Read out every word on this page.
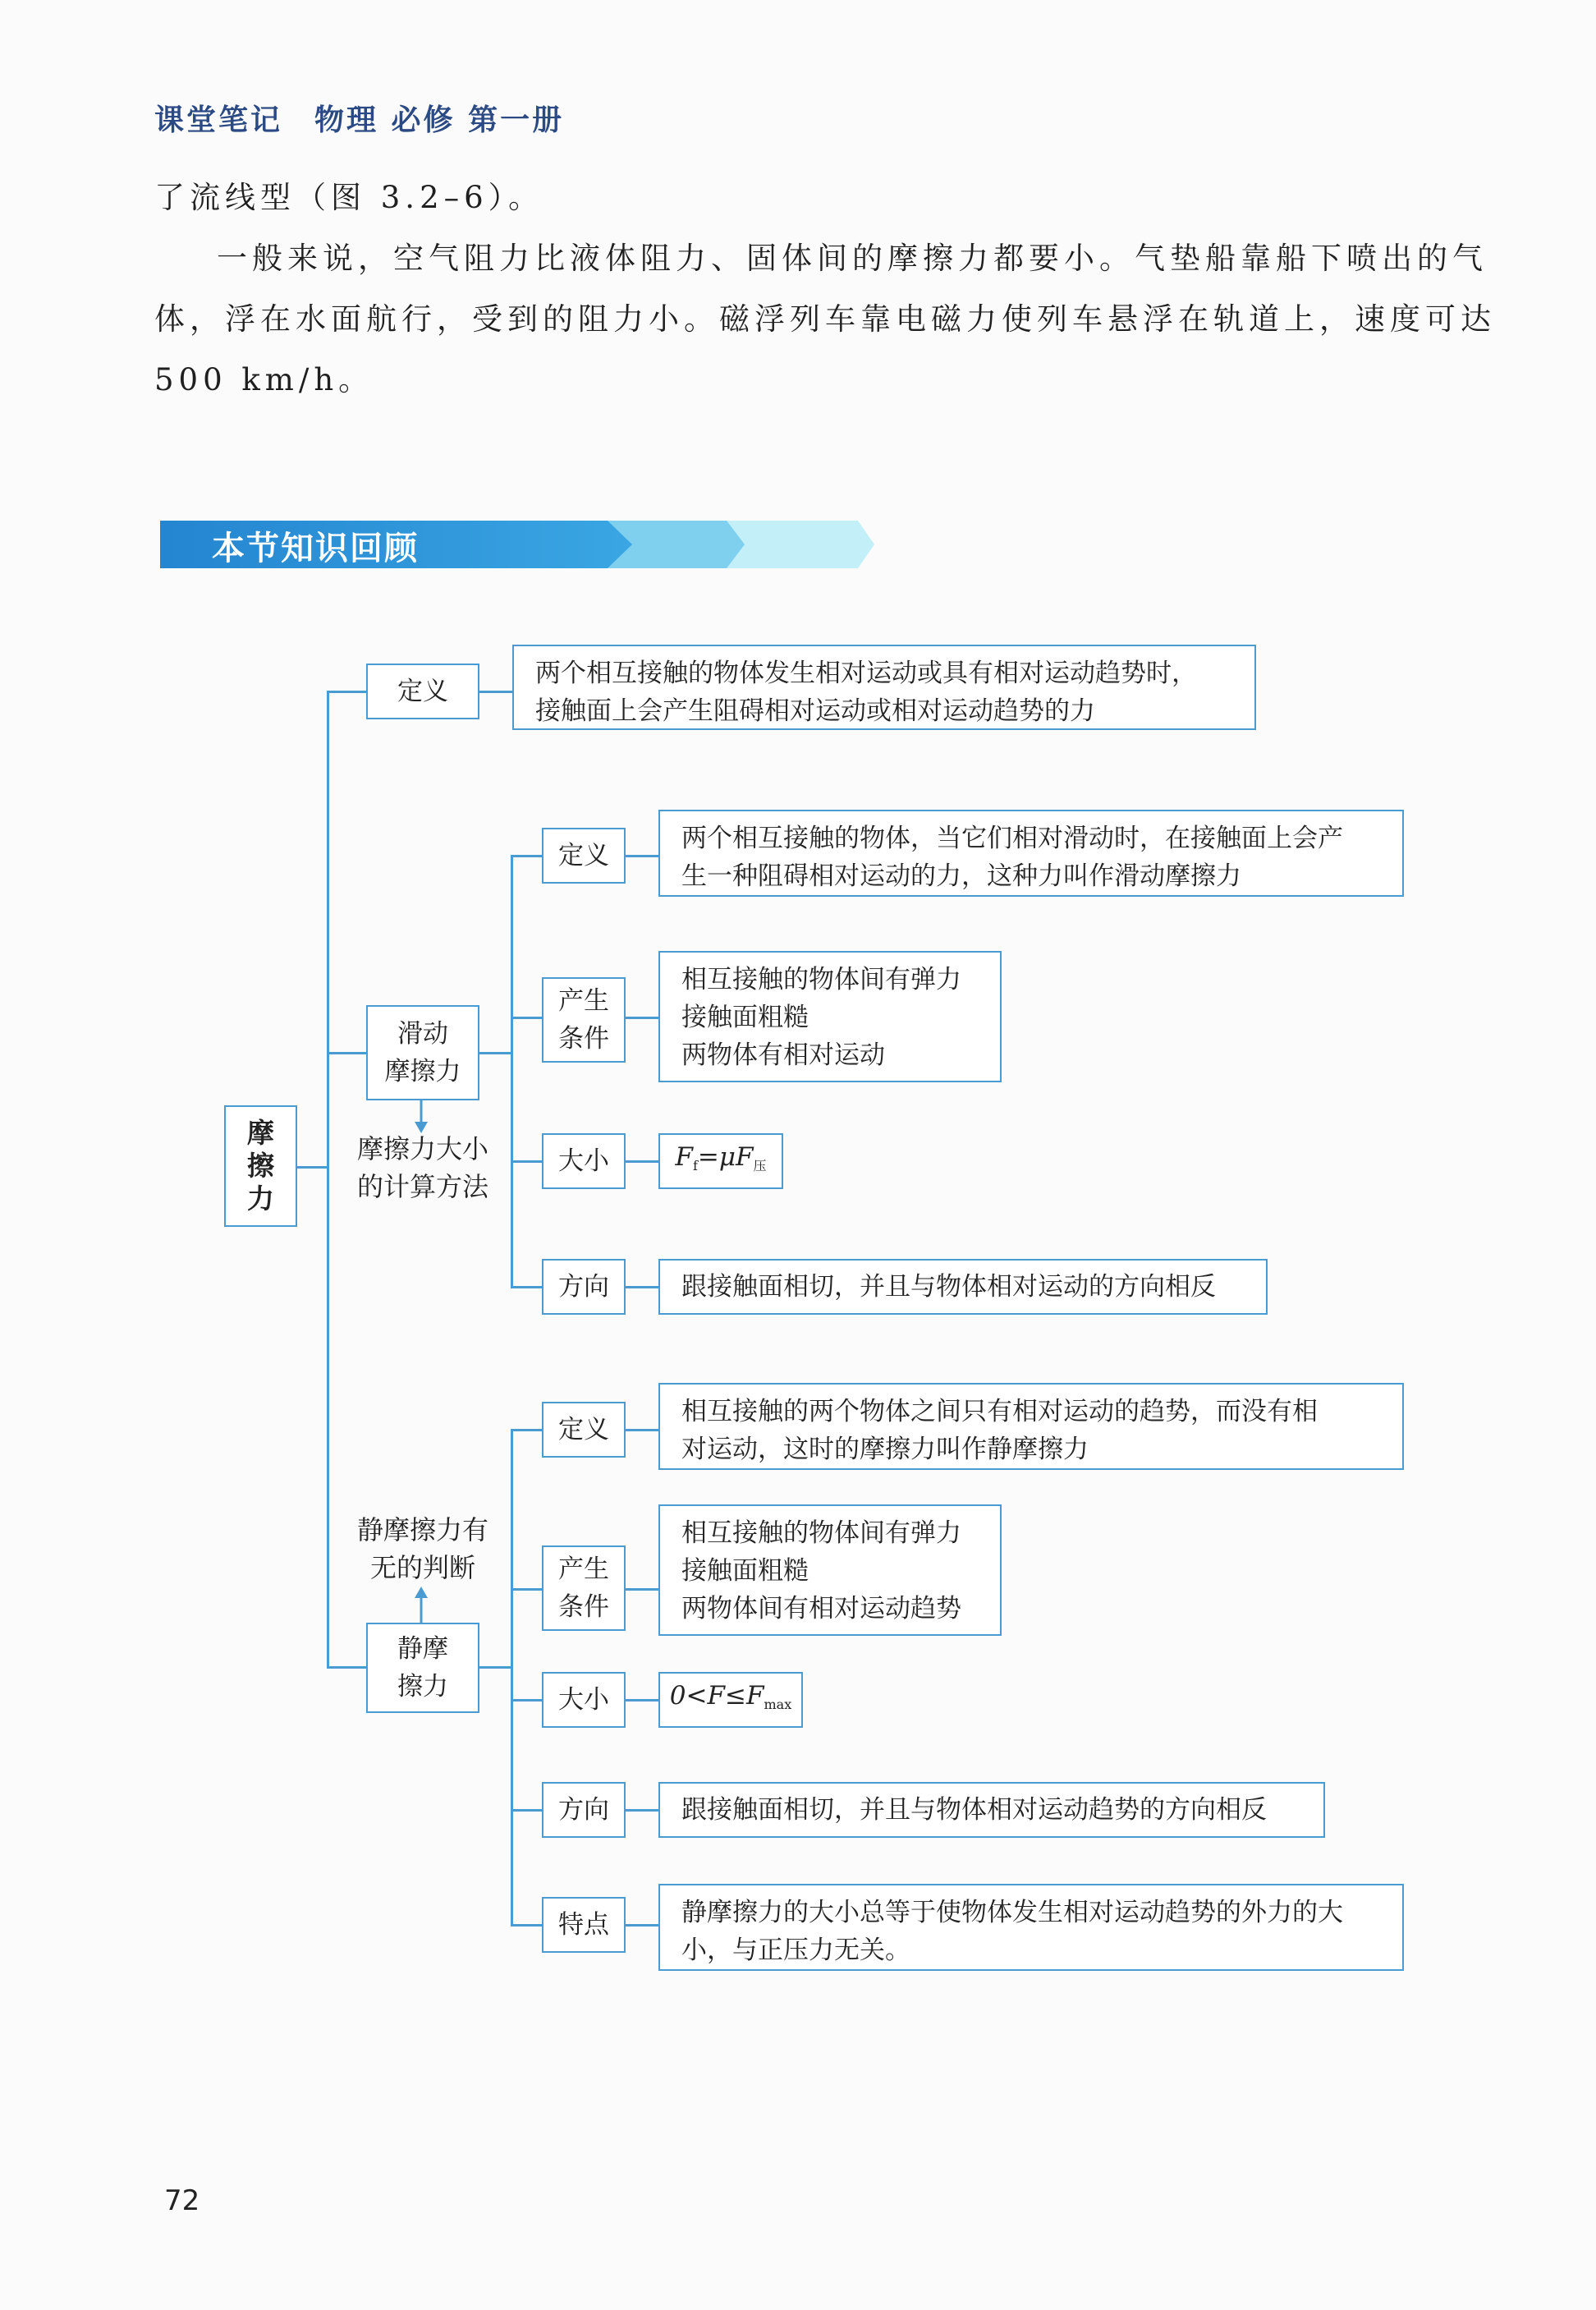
课堂笔记　物理 必修 第一册
了流线型（图 3.2–6）。
一般来说，空气阻力比液体阻力、固体间的摩擦力都要小。气垫船靠船下喷出的气
体，浮在水面航行，受到的阻力小。磁浮列车靠电磁力使列车悬浮在轨道上，速度可达
500 km/h。
本节知识回顾
摩
擦
力
定义
两个相互接触的物体发生相对运动或具有相对运动趋势时，
接触面上会产生阻碍相对运动或相对运动趋势的力
滑动
摩擦力
摩擦力大小
的计算方法
定义
两个相互接触的物体，当它们相对滑动时，在接触面上会产
生一种阻碍相对运动的力，这种力叫作滑动摩擦力
产生
条件
相互接触的物体间有弹力
接触面粗糙
两物体有相对运动
大小	$F_f=\mu F_压$
方向	跟接触面相切，并且与物体相对运动的方向相反
静摩
擦力
静摩擦力有
无的判断
定义
相互接触的两个物体之间只有相对运动的趋势，而没有相
对运动，这时的摩擦力叫作静摩擦力
产生
条件
相互接触的物体间有弹力
接触面粗糙
两物体间有相对运动趋势
大小	$0<F\le F_{max}$
方向	跟接触面相切，并且与物体相对运动趋势的方向相反
特点	静摩擦力的大小总等于使物体发生相对运动趋势的外力的大
小，与正压力无关。
72
